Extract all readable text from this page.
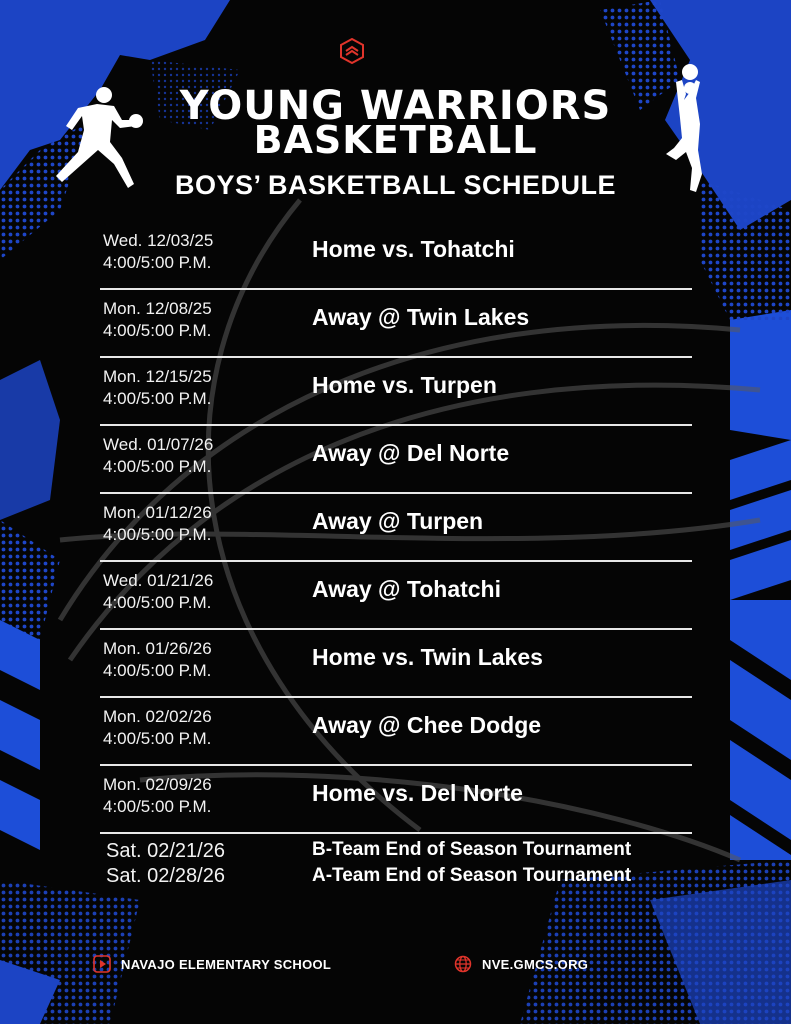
YOUNG WARRIORS
BASKETBALL
BOYS’ BASKETBALL SCHEDULE
Wed. 12/03/25
4:00/5:00 P.M.
Home vs. Tohatchi
Mon. 12/08/25
4:00/5:00 P.M.
Away @ Twin Lakes
Mon. 12/15/25
4:00/5:00 P.M.
Home vs. Turpen
Wed. 01/07/26
4:00/5:00 P.M.
Away @ Del Norte
Mon. 01/12/26
4:00/5:00 P.M.
Away @ Turpen
Wed. 01/21/26
4:00/5:00 P.M.
Away @ Tohatchi
Mon. 01/26/26
4:00/5:00 P.M.
Home vs. Twin Lakes
Mon. 02/02/26
4:00/5:00 P.M.
Away @ Chee Dodge
Mon. 02/09/26
4:00/5:00 P.M.
Home vs. Del Norte
Sat. 02/21/26
Sat. 02/28/26
B-Team End of Season Tournament
A-Team End of Season Tournament
NAVAJO ELEMENTARY SCHOOL	NVE.GMCS.ORG
